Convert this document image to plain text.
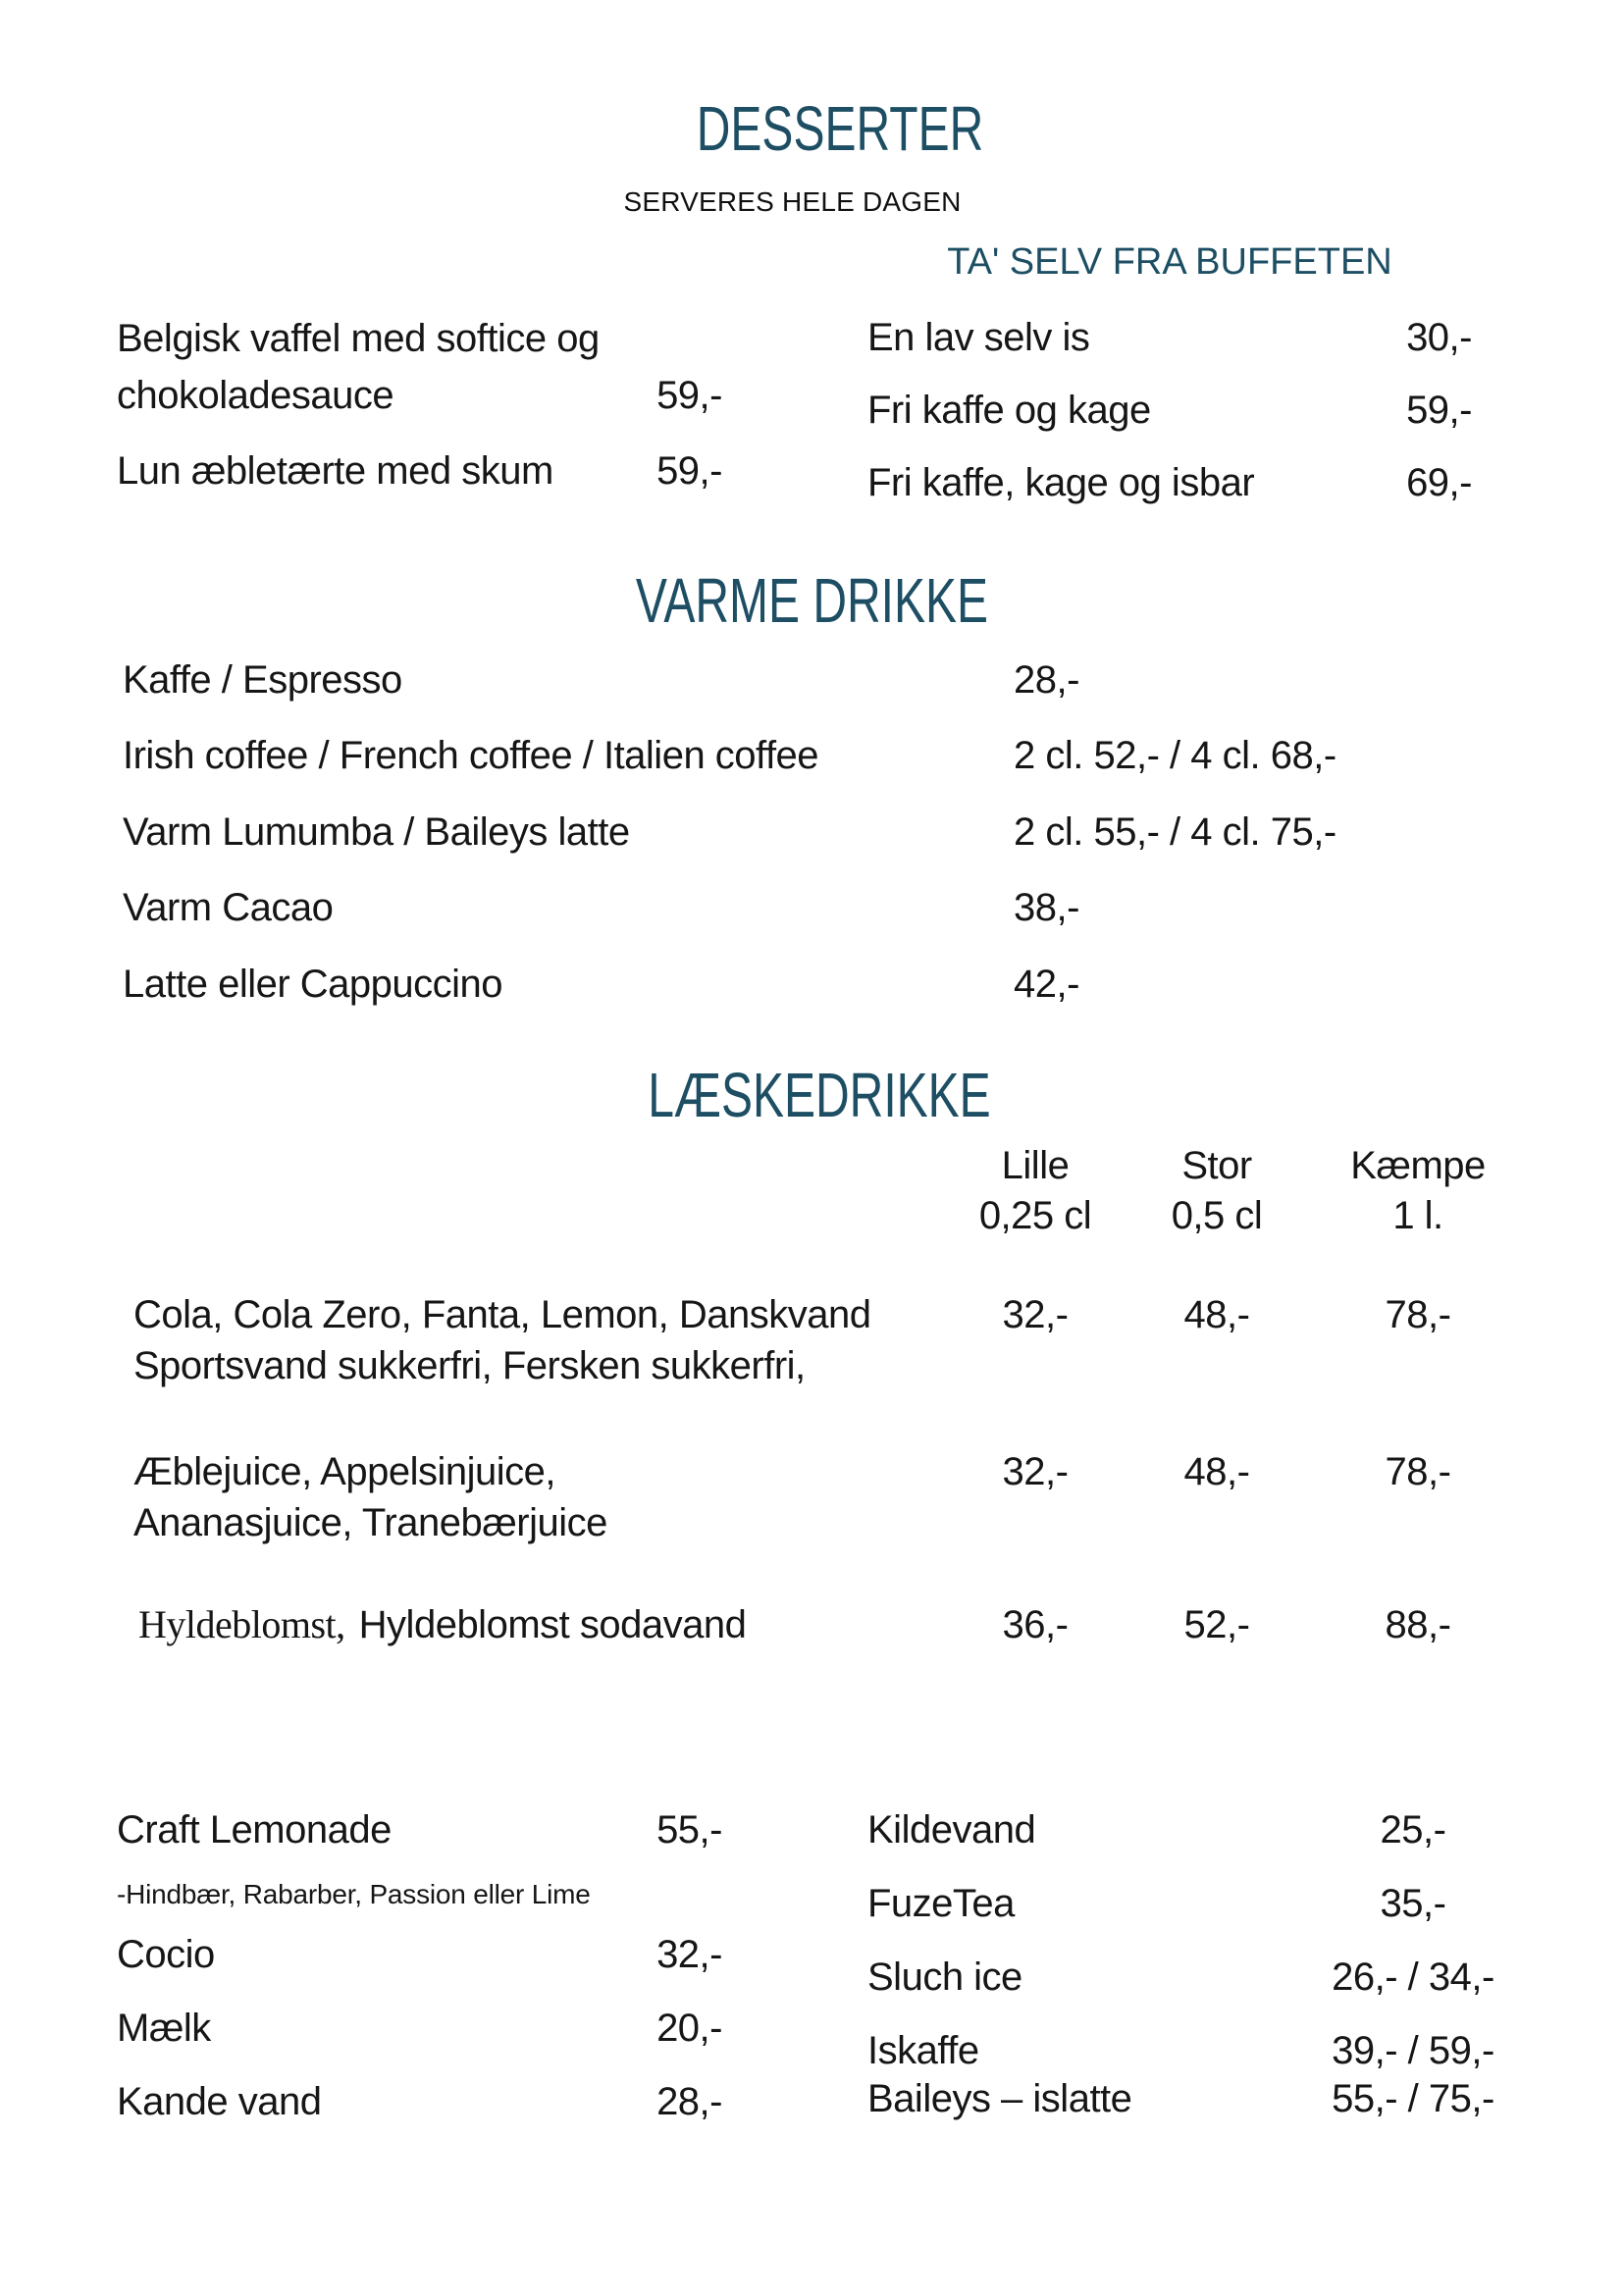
DESSERTER
SERVERES HELE DAGEN
Belgisk vaffel med softice og
chokoladesauce	59,-
Lun æbletærte med skum	59,-
TA' SELV FRA BUFFETEN
En lav selv is	30,-
Fri kaffe og kage	59,-
Fri kaffe, kage og isbar	69,-
VARME DRIKKE
Kaffe / Espresso	28,-
Irish coffee / French coffee / Italien coffee	2 cl. 52,- / 4 cl. 68,-
Varm Lumumba / Baileys latte	2 cl. 55,- / 4 cl. 75,-
Varm Cacao	38,-
Latte eller Cappuccino	42,-
LÆSKEDRIKKE
Lille	Stor	Kæmpe
0,25 cl	0,5 cl	1 l.
Cola, Cola Zero, Fanta, Lemon, Danskvand	32,-	48,-	78,-
Sportsvand sukkerfri, Fersken sukkerfri,
Æblejuice, Appelsinjuice,	32,-	48,-	78,-
Ananasjuice, Tranebærjuice
Hyldeblomst, Hyldeblomst sodavand	36,-	52,-	88,-
Craft Lemonade	55,-
-Hindbær, Rabarber, Passion eller Lime
Cocio	32,-
Mælk	20,-
Kande vand	28,-
Kildevand	25,-
FuzeTea	35,-
Sluch ice	26,- / 34,-
Iskaffe	39,- / 59,-
Baileys – islatte	55,- / 75,-
